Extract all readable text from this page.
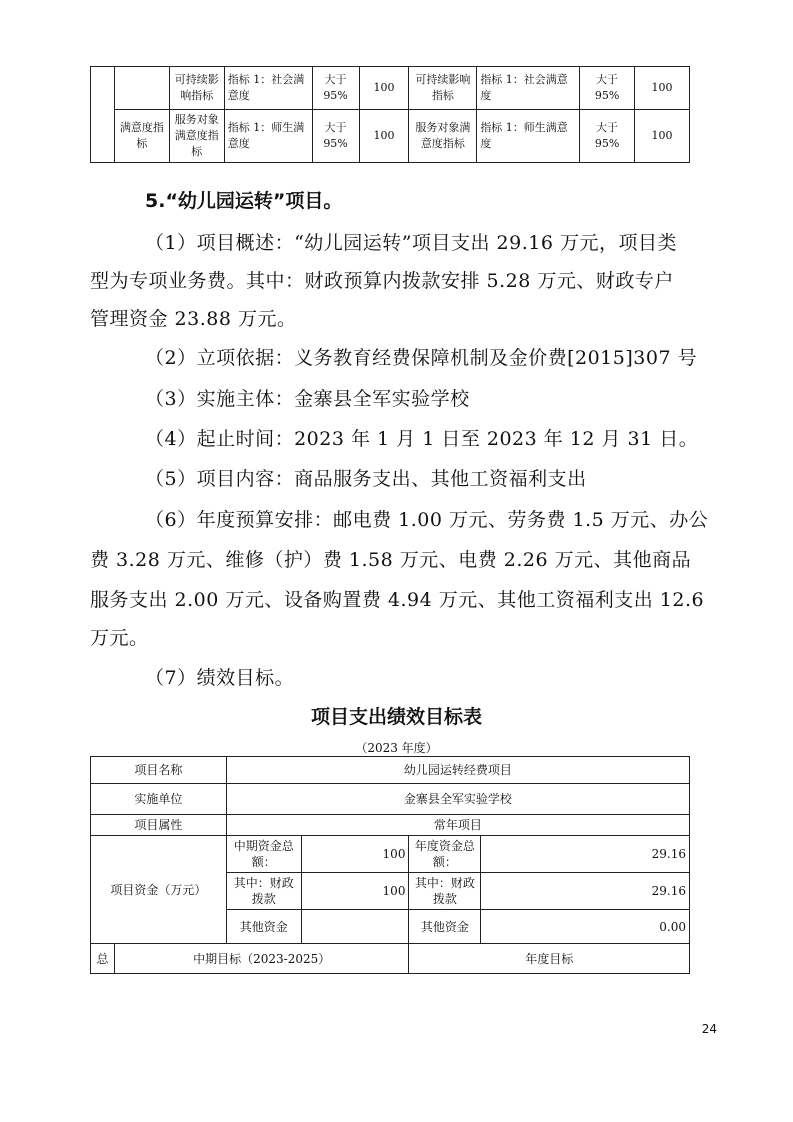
		可持续影响指标	指标 1：社会满意度	大于 95%	100	可持续影响指标	指标 1：社会满意度	大于 95%	100
	满意度指标	服务对象满意度指标	指标 1：师生满意度	大于 95%	100	服务对象满意度指标	指标 1：师生满意度	大于 95%	100
5.“幼儿园运转”项目。
（1）项目概述：“幼儿园运转”项目支出 29.16 万元，项目类
型为专项业务费。其中：财政预算内拨款安排 5.28 万元、财政专户
管理资金 23.88 万元。
（2）立项依据：义务教育经费保障机制及金价费[2015]307 号
（3）实施主体：金寨县全军实验学校
（4）起止时间：2023 年 1 月 1 日至 2023 年 12 月 31 日。
（5）项目内容：商品服务支出、其他工资福利支出
（6）年度预算安排：邮电费 1.00 万元、劳务费 1.5 万元、办公
费 3.28 万元、维修（护）费 1.58 万元、电费 2.26 万元、其他商品
服务支出 2.00 万元、设备购置费 4.94 万元、其他工资福利支出 12.6
万元。
（7）绩效目标。
项目支出绩效目标表
（2023 年度）
项目名称		幼儿园运转经费项目			
实施单位		金寨县全军实验学校			
项目属性		常年项目			
项目资金（万元）		中期资金总额：	100	年度资金总额：	29.16
		其中：财政拨款	100	其中：财政拨款	29.16
		其他资金		其他资金	0.00
总	中期目标（2023-2025）			年度目标	
24
